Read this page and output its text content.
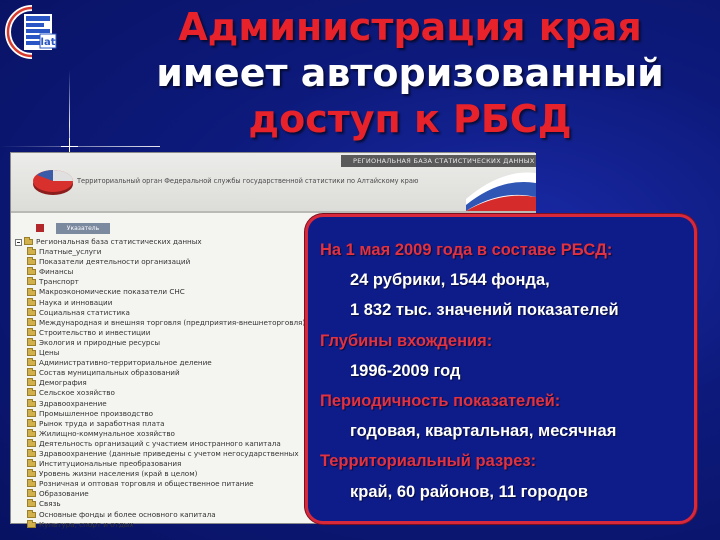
lat	Администрация края
имеет авторизованный
доступ к РБСД
РЕГИОНАЛЬНАЯ БАЗА СТАТИСТИЧЕСКИХ ДАННЫХ
Территориальный орган Федеральной службы государственной статистики по Алтайскому краю
Указатель
Региональная база статистических данных
Платные_услуги
Показатели деятельности организаций
Финансы
Транспорт
Макроэкономические показатели СНС
Наука и инновации
Социальная статистика
Международная и внешняя торговля (предприятия-внешнеторговля)
Строительство и инвестиции
Экология и природные ресурсы
Цены
Административно-территориальное деление
Состав муниципальных образований
Демография
Сельское хозяйство
Здравоохранение
Промышленное производство
Рынок труда и заработная плата
Жилищно-коммунальное хозяйство
Деятельность организаций с участием иностранного капитала
Здравоохранение (данные приведены с учетом негосударственных
Институциональные преобразования
Уровень жизни населения (край в целом)
Розничная и оптовая торговля и общественное питание
Образование
Связь
Основные фонды и более основного капитала
Культура, спорт и отдых
На 1 мая 2009 года в составе РБСД:
24 рубрики, 1544 фонда,
1 832 тыс. значений показателей
Глубины вхождения:
1996-2009 год
Периодичность показателей:
годовая, квартальная, месячная
Территориальный разрез:
край, 60 районов, 11 городов
